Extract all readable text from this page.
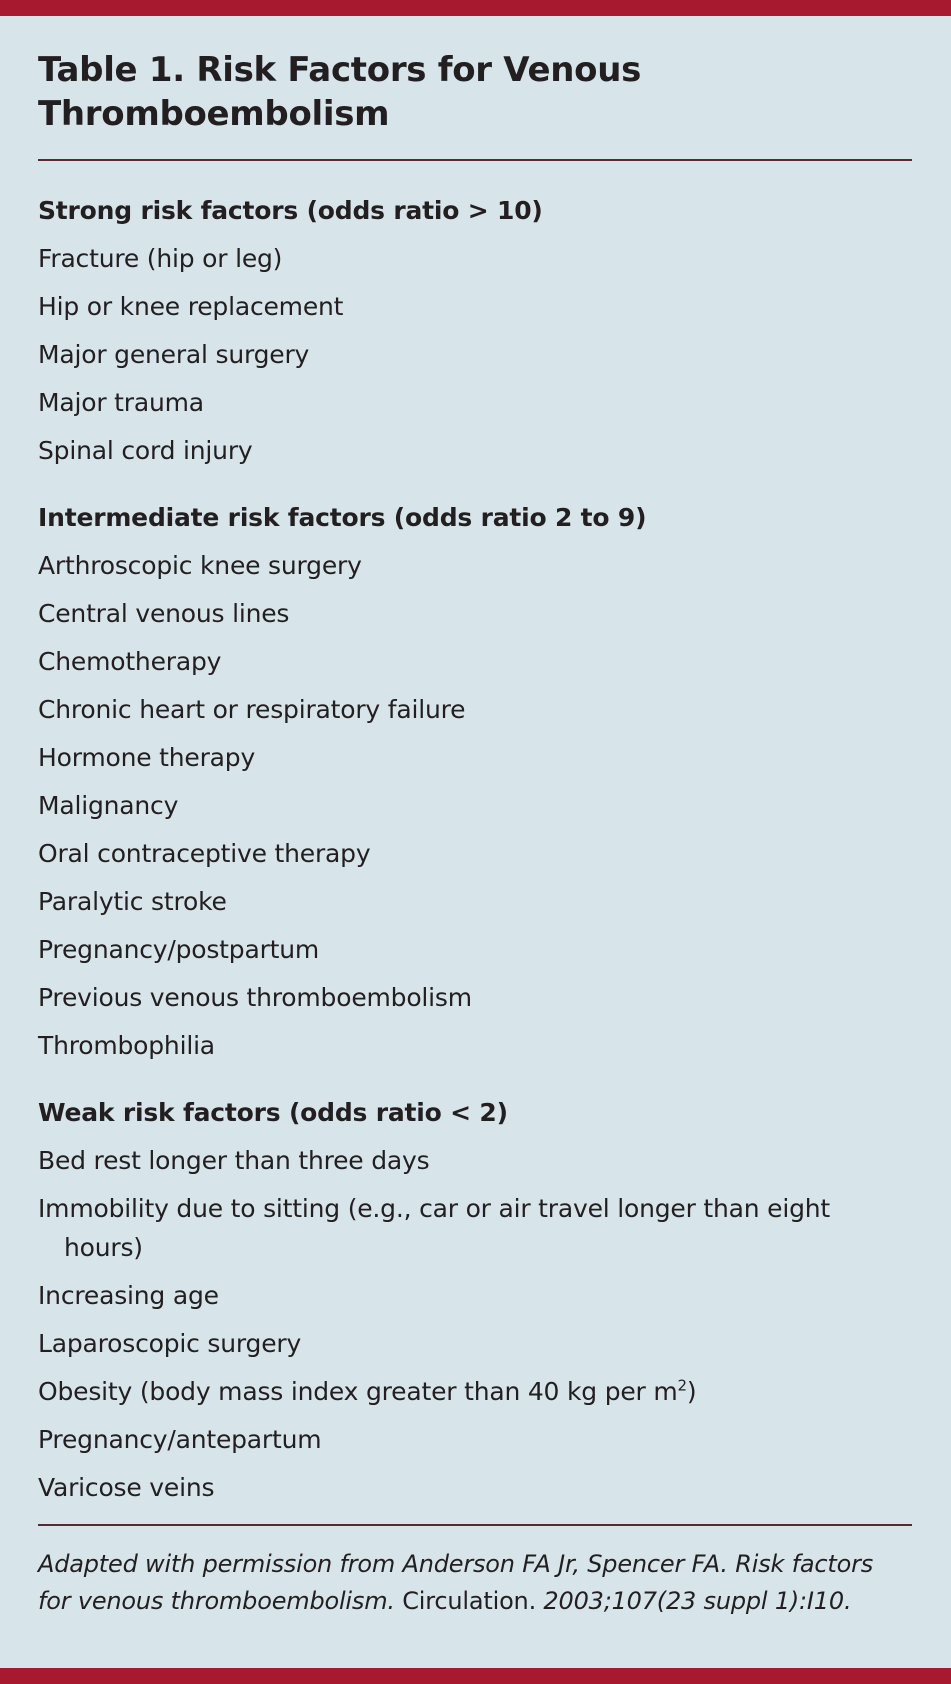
Table 1. Risk Factors for Venous
Thromboembolism
Strong risk factors (odds ratio > 10)
Fracture (hip or leg)
Hip or knee replacement
Major general surgery
Major trauma
Spinal cord injury
Intermediate risk factors (odds ratio 2 to 9)
Arthroscopic knee surgery
Central venous lines
Chemotherapy
Chronic heart or respiratory failure
Hormone therapy
Malignancy
Oral contraceptive therapy
Paralytic stroke
Pregnancy/postpartum
Previous venous thromboembolism
Thrombophilia
Weak risk factors (odds ratio < 2)
Bed rest longer than three days
Immobility due to sitting (e.g., car or air travel longer than eight hours)
Increasing age
Laparoscopic surgery
Obesity (body mass index greater than 40 kg per $m^2$)
Pregnancy/antepartum
Varicose veins
Adapted with permission from Anderson FA Jr, Spencer FA. Risk factors for venous thromboembolism. Circulation. 2003;107(23 suppl 1):I10.
